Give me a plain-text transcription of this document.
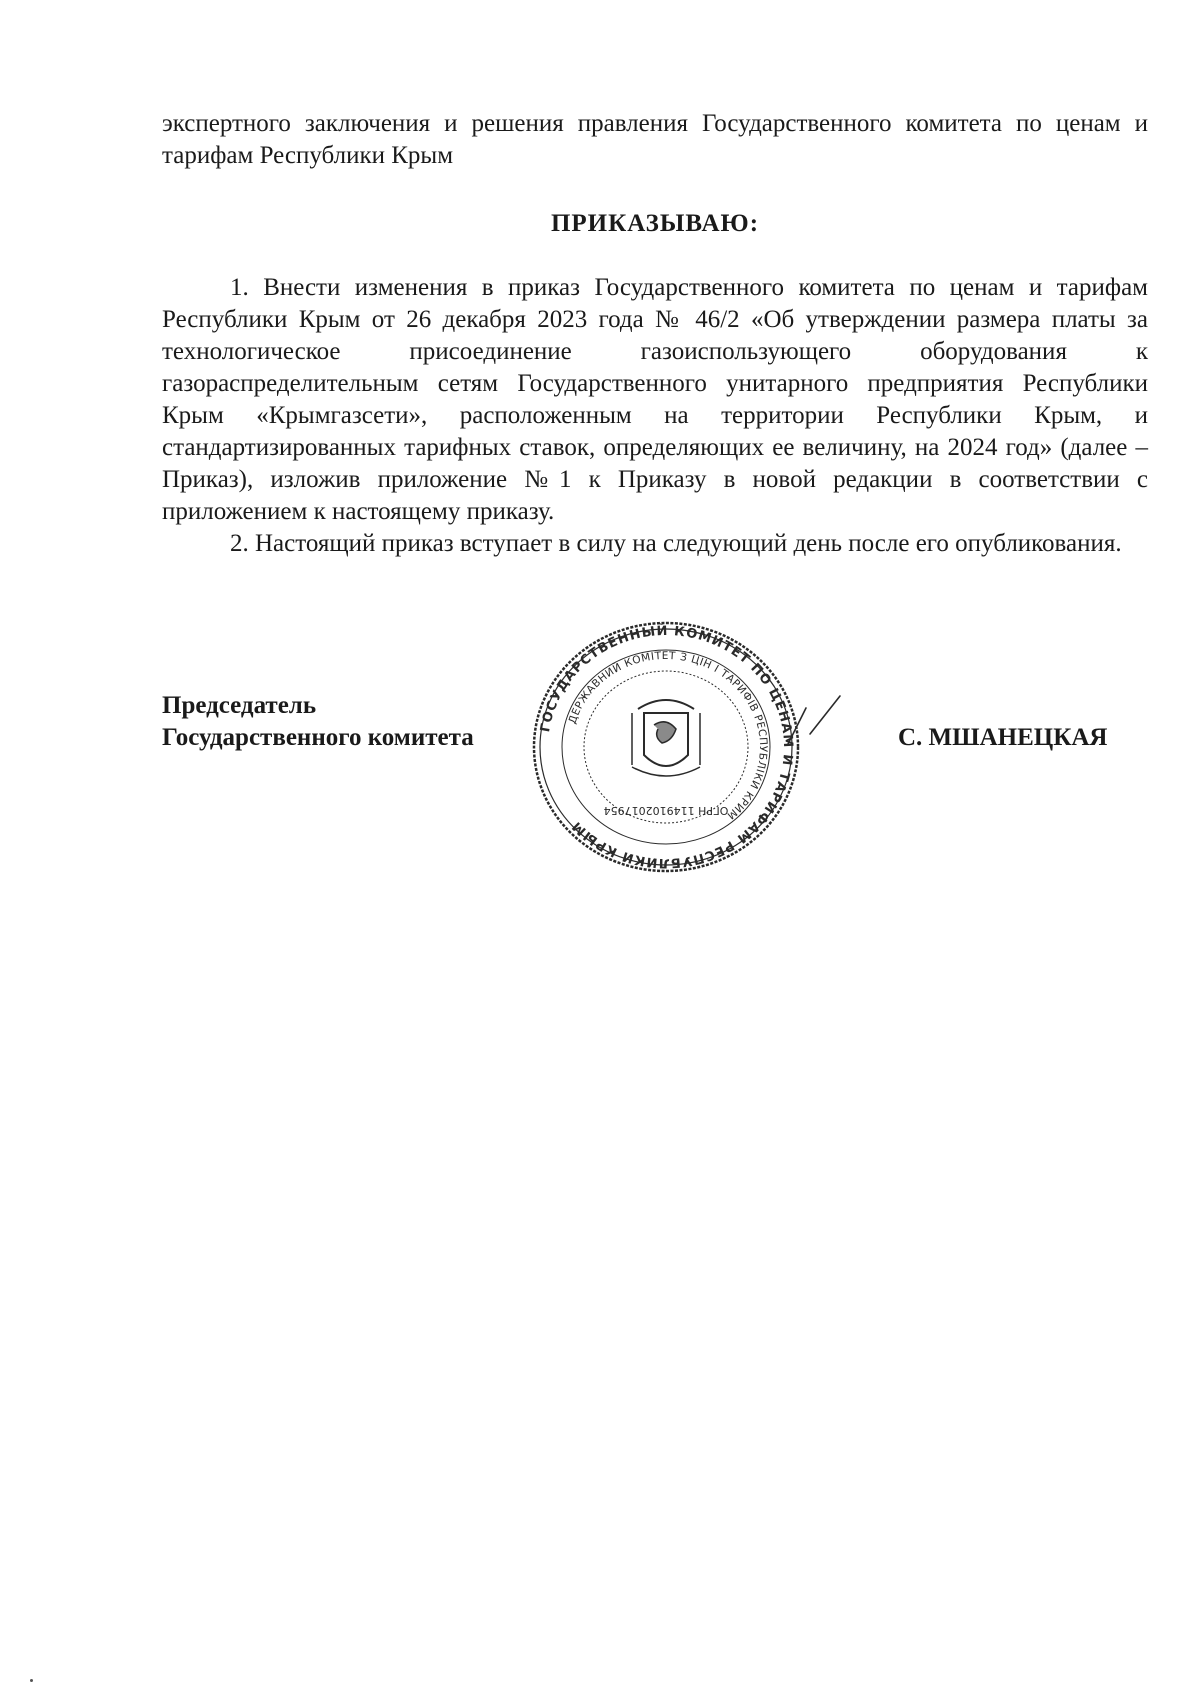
экспертного заключения и решения правления Государственного комитета по ценам и тарифам Республики Крым
ПРИКАЗЫВАЮ:

1. Внести изменения в приказ Государственного комитета по ценам и тарифам Республики Крым от 26 декабря 2023 года № 46/2 «Об утверждении размера платы за технологическое присоединение газоиспользующего оборудования к газораспределительным сетям Государственного унитарного предприятия Республики Крым «Крымгазсети», расположенным на территории Республики Крым, и стандартизированных тарифных ставок, определяющих ее величину, на 2024 год» (далее – Приказ), изложив приложение №1 к Приказу в новой редакции в соответствии с приложением к настоящему приказу.

2. Настоящий приказ вступает в силу на следующий день после его опубликования.

Председатель
Государственного комитета	С. МШАНЕЦКАЯ
ГОСУДАРСТВЕННЫЙ КОМИТЕТ ПО ЦЕНАМ И ТАРИФАМ РЕСПУБЛИКИ КРЫМ
ДЕРЖАВНИЙ КОМІТЕТ З ЦІН І ТАРИФІВ РЕСПУБЛІКИ КРИМ
ОГРН 1149102017954
